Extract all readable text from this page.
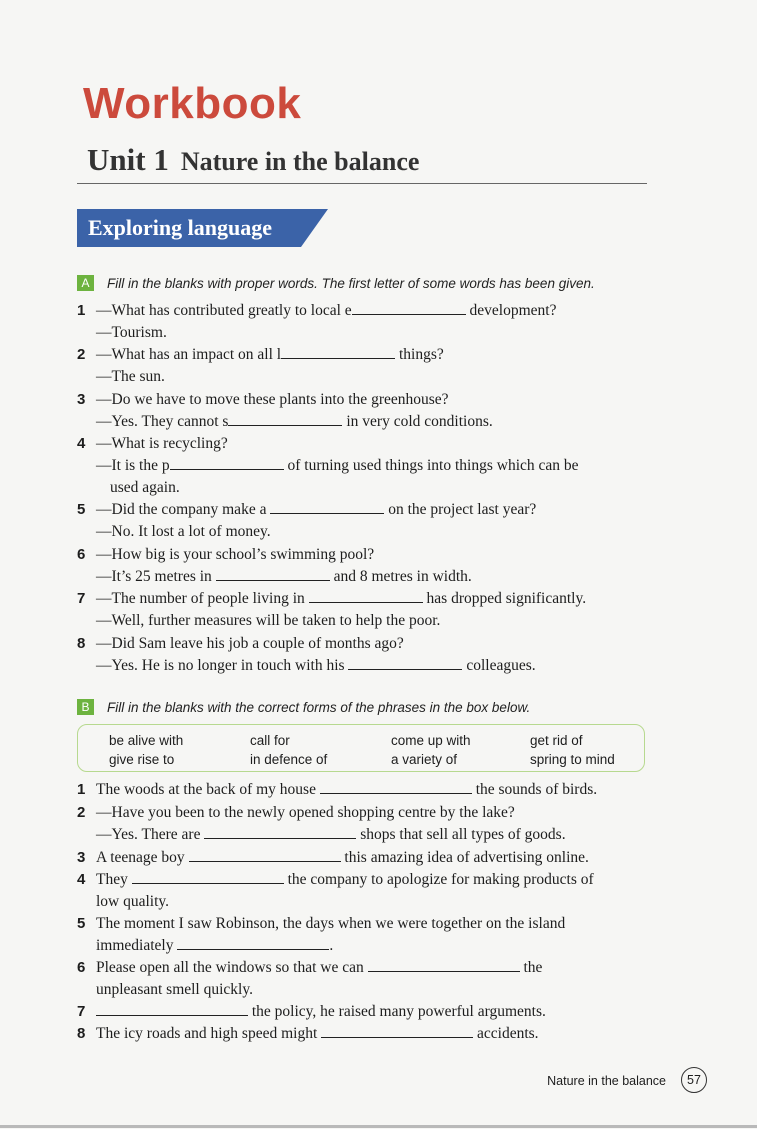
Workbook
Unit 1 Nature in the balance
Exploring language
A	Fill in the blanks with proper words. The first letter of some words has been given.
1 —What has contributed greatly to local e	development?
—Tourism.
2 —What has an impact on all l	things?
—The sun.
3 —Do we have to move these plants into the greenhouse?
—Yes. They cannot s	in very cold conditions.
4 —What is recycling?
—It is the p	of turning used things into things which can be
used again.
5 —Did the company make a	on the project last year?
—No. It lost a lot of money.
6 —How big is your school’s swimming pool?
—It’s 25 metres in	and 8 metres in width.
7 —The number of people living in	has dropped significantly.
—Well, further measures will be taken to help the poor.
8 —Did Sam leave his job a couple of months ago?
—Yes. He is no longer in touch with his	colleagues.
B	Fill in the blanks with the correct forms of the phrases in the box below.
be alive with	call for	come up with	get rid of
give rise to	in defence of	a variety of	spring to mind
1 The woods at the back of my house	the sounds of birds.
2 —Have you been to the newly opened shopping centre by the lake?
—Yes. There are	shops that sell all types of goods.
3 A teenage boy	this amazing idea of advertising online.
4 They	the company to apologize for making products of
low quality.
5 The moment I saw Robinson, the days when we were together on the island
immediately	.
6 Please open all the windows so that we can	the
unpleasant smell quickly.
7	the policy, he raised many powerful arguments.
8 The icy roads and high speed might	accidents.
Nature in the balance	57
